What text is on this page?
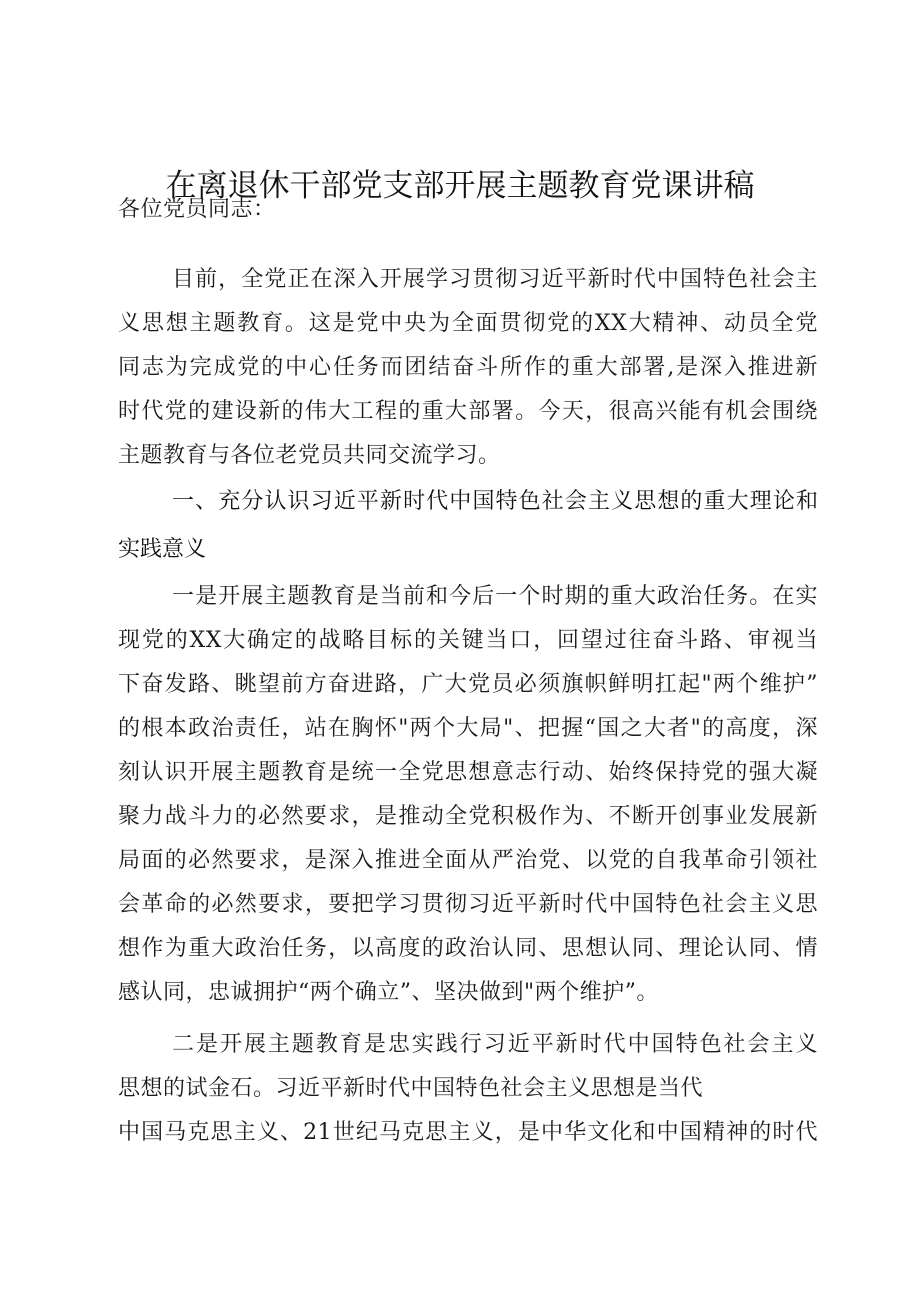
在离退休干部党支部开展主题教育党课讲稿
各位党员同志：
目前，全党正在深入开展学习贯彻习近平新时代中国特色社会主
义思想主题教育。这是党中央为全面贯彻党的XX大精神、动员全党
同志为完成党的中心任务而团结奋斗所作的重大部署,是深入推进新
时代党的建设新的伟大工程的重大部署。今天，很高兴能有机会围绕
主题教育与各位老党员共同交流学习。
一、充分认识习近平新时代中国特色社会主义思想的重大理论和
实践意义
一是开展主题教育是当前和今后一个时期的重大政治任务。在实
现党的XX大确定的战略目标的关键当口，回望过往奋斗路、审视当
下奋发路、眺望前方奋进路，广大党员必须旗帜鲜明扛起"两个维护”
的根本政治责任，站在胸怀"两个大局"、把握“国之大者"的高度，深
刻认识开展主题教育是统一全党思想意志行动、始终保持党的强大凝
聚力战斗力的必然要求，是推动全党积极作为、不断开创事业发展新
局面的必然要求，是深入推进全面从严治党、以党的自我革命引领社
会革命的必然要求，要把学习贯彻习近平新时代中国特色社会主义思
想作为重大政治任务，以高度的政治认同、思想认同、理论认同、情
感认同，忠诚拥护“两个确立”、坚决做到"两个维护”。
二是开展主题教育是忠实践行习近平新时代中国特色社会主义
思想的试金石。习近平新时代中国特色社会主义思想是当代
中国马克思主义、21世纪马克思主义，是中华文化和中国精神的时代
